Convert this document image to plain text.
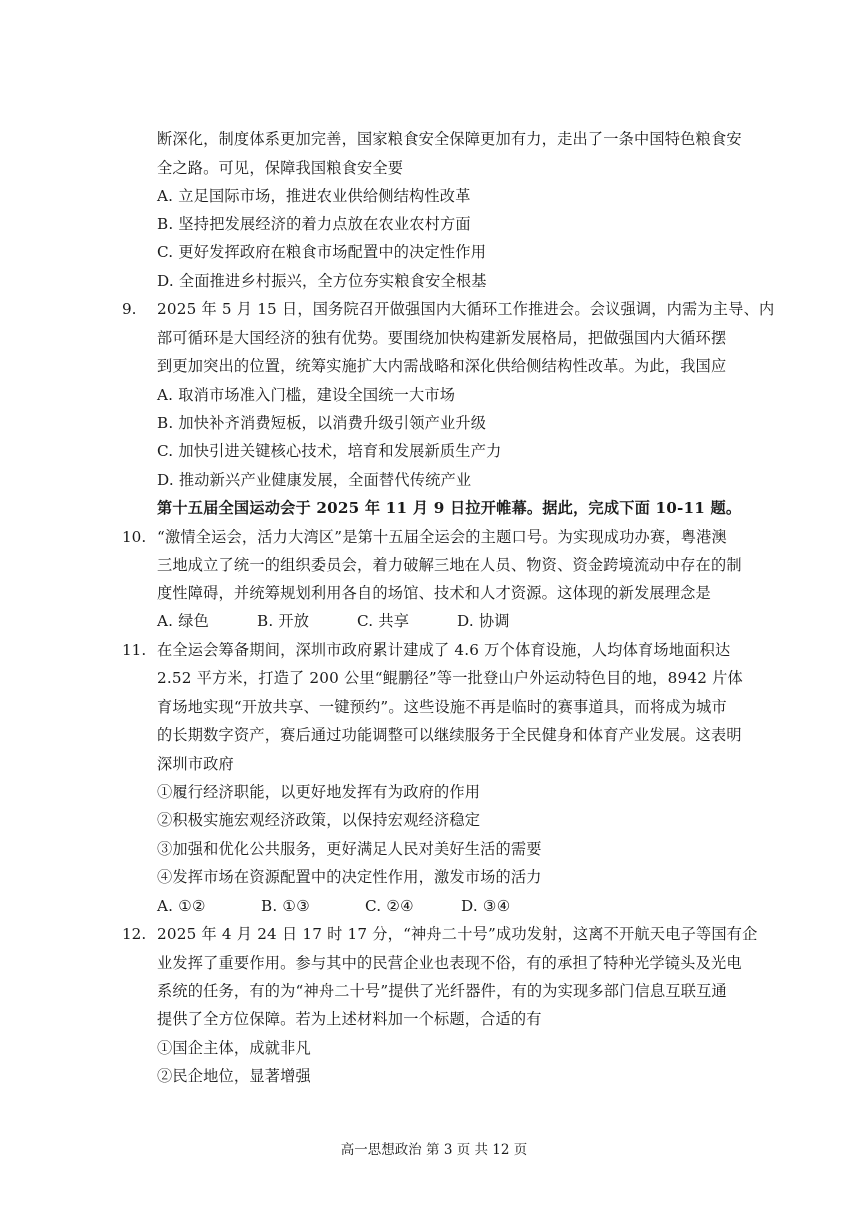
断深化，制度体系更加完善，国家粮食安全保障更加有力，走出了一条中国特色粮食安
全之路。可见，保障我国粮食安全要
A. 立足国际市场，推进农业供给侧结构性改革
B. 坚持把发展经济的着力点放在农业农村方面
C. 更好发挥政府在粮食市场配置中的决定性作用
D. 全面推进乡村振兴，全方位夯实粮食安全根基
9. 2025 年 5 月 15 日，国务院召开做强国内大循环工作推进会。会议强调，内需为主导、内
部可循环是大国经济的独有优势。要围绕加快构建新发展格局，把做强国内大循环摆
到更加突出的位置，统筹实施扩大内需战略和深化供给侧结构性改革。为此，我国应
A. 取消市场准入门槛，建设全国统一大市场
B. 加快补齐消费短板，以消费升级引领产业升级
C. 加快引进关键核心技术，培育和发展新质生产力
D. 推动新兴产业健康发展，全面替代传统产业
第十五届全国运动会于 2025 年 11 月 9 日拉开帷幕。据此，完成下面 10-11 题。
10. “激情全运会，活力大湾区”是第十五届全运会的主题口号。为实现成功办赛，粤港澳
三地成立了统一的组织委员会，着力破解三地在人员、物资、资金跨境流动中存在的制
度性障碍，并统筹规划利用各自的场馆、技术和人才资源。这体现的新发展理念是
A. 绿色	B. 开放	C. 共享	D. 协调
11. 在全运会筹备期间，深圳市政府累计建成了 4.6 万个体育设施，人均体育场地面积达
2.52 平方米，打造了 200 公里“鲲鹏径”等一批登山户外运动特色目的地，8942 片体
育场地实现“开放共享、一键预约”。这些设施不再是临时的赛事道具，而将成为城市
的长期数字资产，赛后通过功能调整可以继续服务于全民健身和体育产业发展。这表明
深圳市政府
①履行经济职能，以更好地发挥有为政府的作用
②积极实施宏观经济政策，以保持宏观经济稳定
③加强和优化公共服务，更好满足人民对美好生活的需要
④发挥市场在资源配置中的决定性作用，激发市场的活力
A. ①②	B. ①③	C. ②④	D. ③④
12. 2025 年 4 月 24 日 17 时 17 分，“神舟二十号”成功发射，这离不开航天电子等国有企
业发挥了重要作用。参与其中的民营企业也表现不俗，有的承担了特种光学镜头及光电
系统的任务，有的为“神舟二十号”提供了光纤器件，有的为实现多部门信息互联互通
提供了全方位保障。若为上述材料加一个标题，合适的有
①国企主体，成就非凡
②民企地位，显著增强
高一思想政治 第 3 页 共 12 页
